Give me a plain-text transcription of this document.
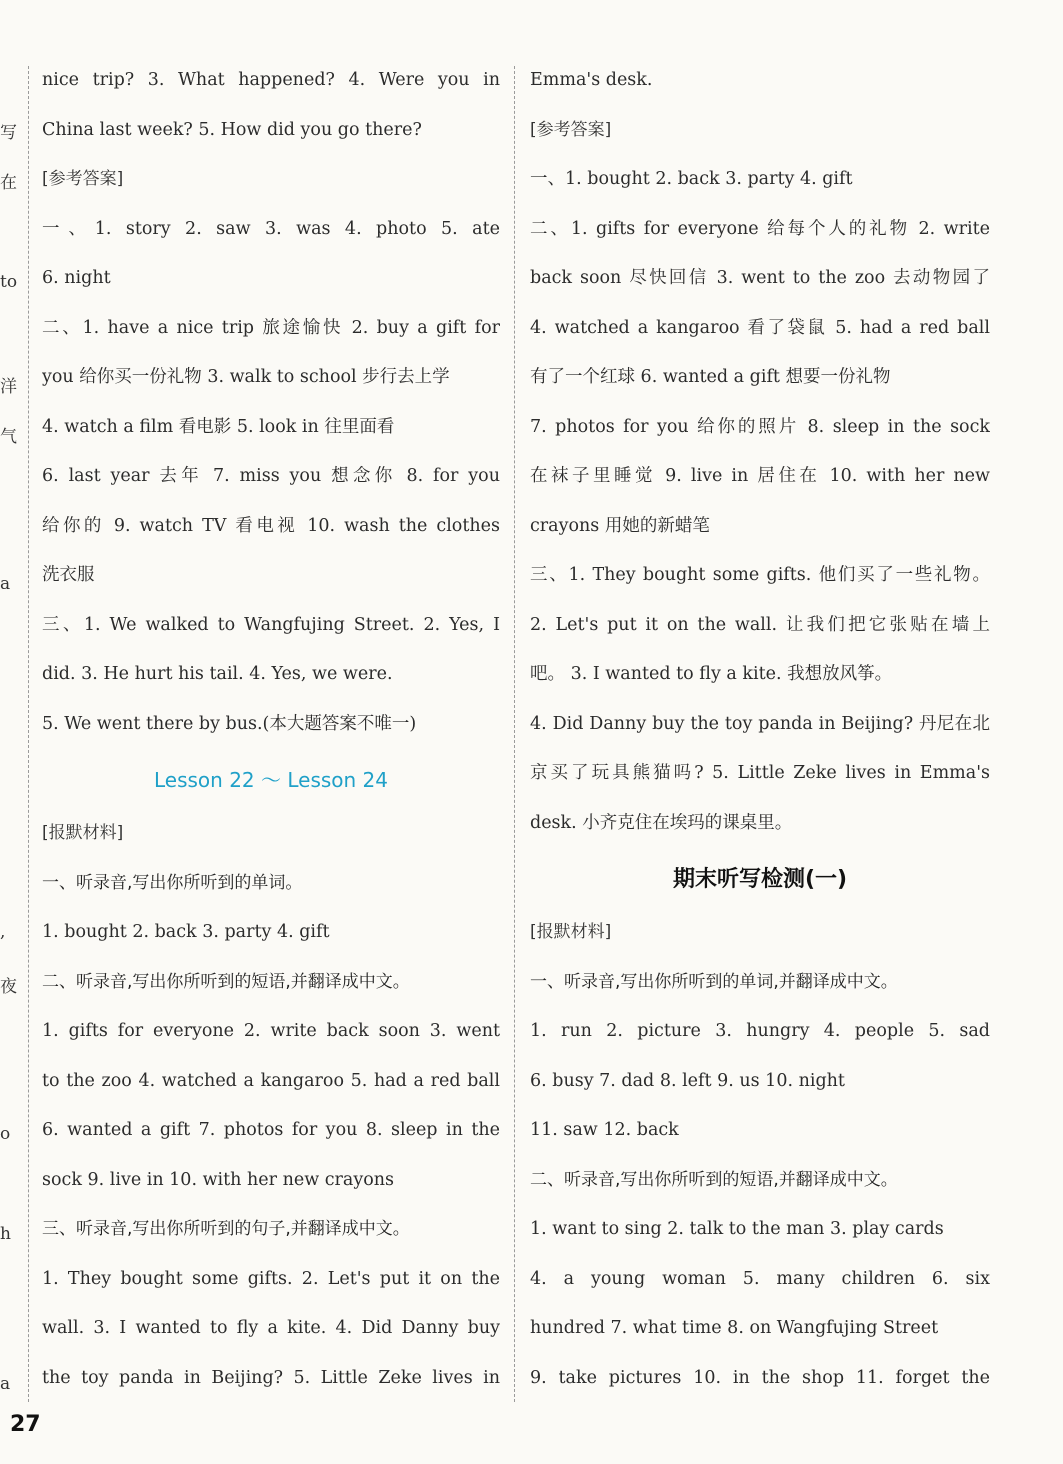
写
在
to
洋
气
a
,
夜
o
h
a
nice trip? 3. What happened? 4. Were you in
China last week? 5. How did you go there?
[参考答案]
一、1. story 2. saw 3. was 4. photo 5. ate
6. night
二、1. have a nice trip 旅途愉快 2. buy a gift for
you 给你买一份礼物 3. walk to school 步行去上学
4. watch a film 看电影 5. look in 往里面看
6. last year 去年 7. miss you 想念你 8. for you
给你的 9. watch TV 看电视 10. wash the clothes
洗衣服
三、1. We walked to Wangfujing Street. 2. Yes, I
did. 3. He hurt his tail. 4. Yes, we were.
5. We went there by bus.(本大题答案不唯一)
Lesson 22 ～ Lesson 24
[报默材料]
一、听录音,写出你所听到的单词。
1. bought 2. back 3. party 4. gift
二、听录音,写出你所听到的短语,并翻译成中文。
1. gifts for everyone 2. write back soon 3. went
to the zoo 4. watched a kangaroo 5. had a red ball
6. wanted a gift 7. photos for you 8. sleep in the
sock 9. live in 10. with her new crayons
三、听录音,写出你所听到的句子,并翻译成中文。
1. They bought some gifts. 2. Let's put it on the
wall. 3. I wanted to fly a kite. 4. Did Danny buy
the toy panda in Beijing? 5. Little Zeke lives in
Emma's desk.
[参考答案]
一、1. bought 2. back 3. party 4. gift
二、1. gifts for everyone 给每个人的礼物 2. write
back soon 尽快回信 3. went to the zoo 去动物园了
4. watched a kangaroo 看了袋鼠 5. had a red ball
有了一个红球 6. wanted a gift 想要一份礼物
7. photos for you 给你的照片 8. sleep in the sock
在袜子里睡觉 9. live in 居住在 10. with her new
crayons 用她的新蜡笔
三、1. They bought some gifts. 他们买了一些礼物。
2. Let's put it on the wall. 让我们把它张贴在墙上
吧。 3. I wanted to fly a kite. 我想放风筝。
4. Did Danny buy the toy panda in Beijing? 丹尼在北
京买了玩具熊猫吗? 5. Little Zeke lives in Emma's
desk. 小齐克住在埃玛的课桌里。
期末听写检测(一)
[报默材料]
一、听录音,写出你所听到的单词,并翻译成中文。
1. run 2. picture 3. hungry 4. people 5. sad
6. busy 7. dad 8. left 9. us 10. night
11. saw 12. back
二、听录音,写出你所听到的短语,并翻译成中文。
1. want to sing 2. talk to the man 3. play cards
4. a young woman 5. many children 6. six
hundred 7. what time 8. on Wangfujing Street
9. take pictures 10. in the shop 11. forget the
27
